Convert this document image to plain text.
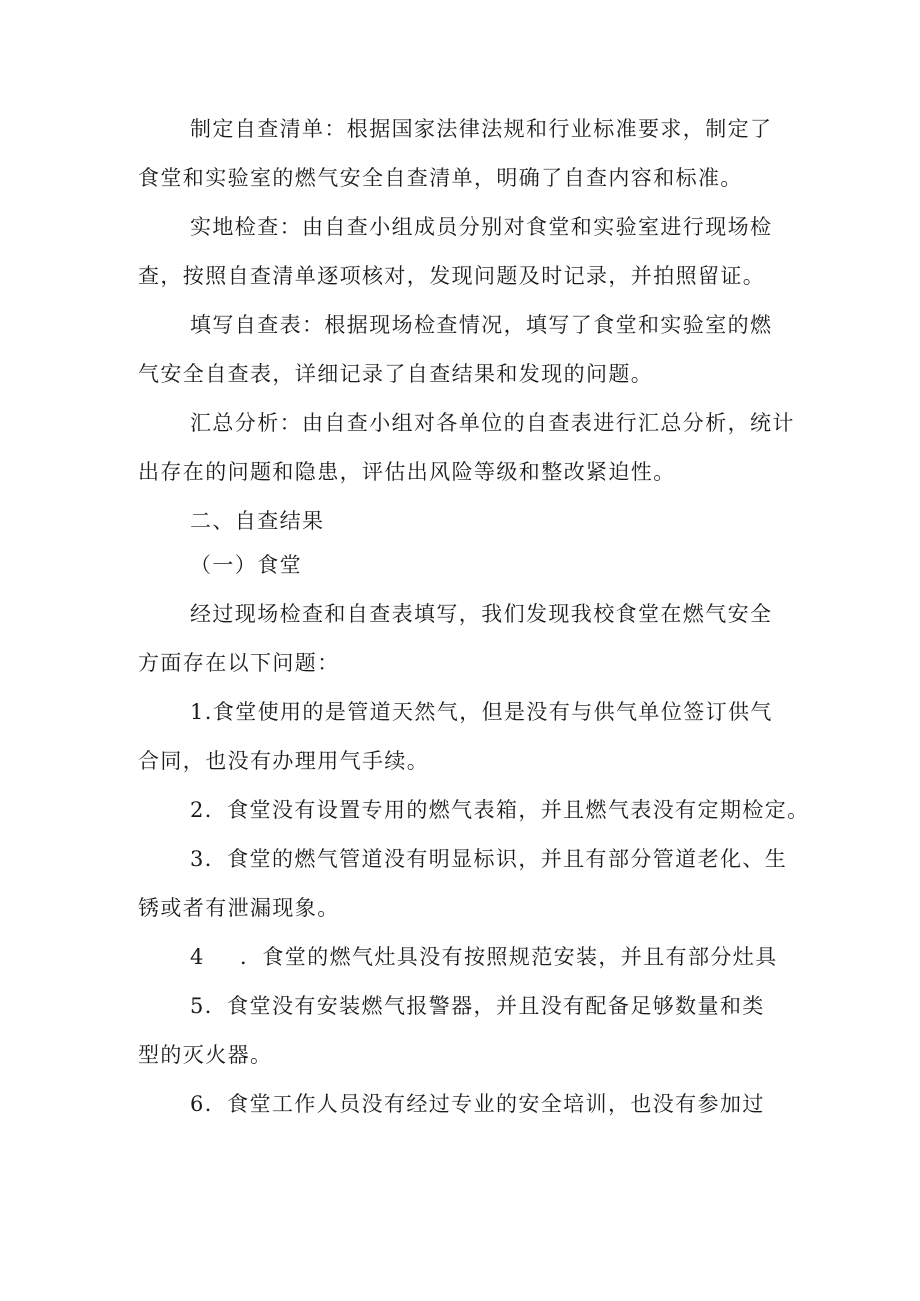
制定自查清单：根据国家法律法规和行业标准要求，制定了
食堂和实验室的燃气安全自查清单，明确了自查内容和标准。
实地检查：由自查小组成员分别对食堂和实验室进行现场检
查，按照自查清单逐项核对，发现问题及时记录，并拍照留证。
填写自查表：根据现场检查情况，填写了食堂和实验室的燃
气安全自查表，详细记录了自查结果和发现的问题。
汇总分析：由自查小组对各单位的自查表进行汇总分析，统计
出存在的问题和隐患，评估出风险等级和整改紧迫性。
二、自查结果
（一）食堂
经过现场检查和自查表填写，我们发现我校食堂在燃气安全
方面存在以下问题：
1.食堂使用的是管道天然气，但是没有与供气单位签订供气
合同，也没有办理用气手续。
2．食堂没有设置专用的燃气表箱，并且燃气表没有定期检定。
3．食堂的燃气管道没有明显标识，并且有部分管道老化、生
锈或者有泄漏现象。
4 ．食堂的燃气灶具没有按照规范安装，并且有部分灶具
5．食堂没有安装燃气报警器，并且没有配备足够数量和类
型的灭火器。
6．食堂工作人员没有经过专业的安全培训，也没有参加过
